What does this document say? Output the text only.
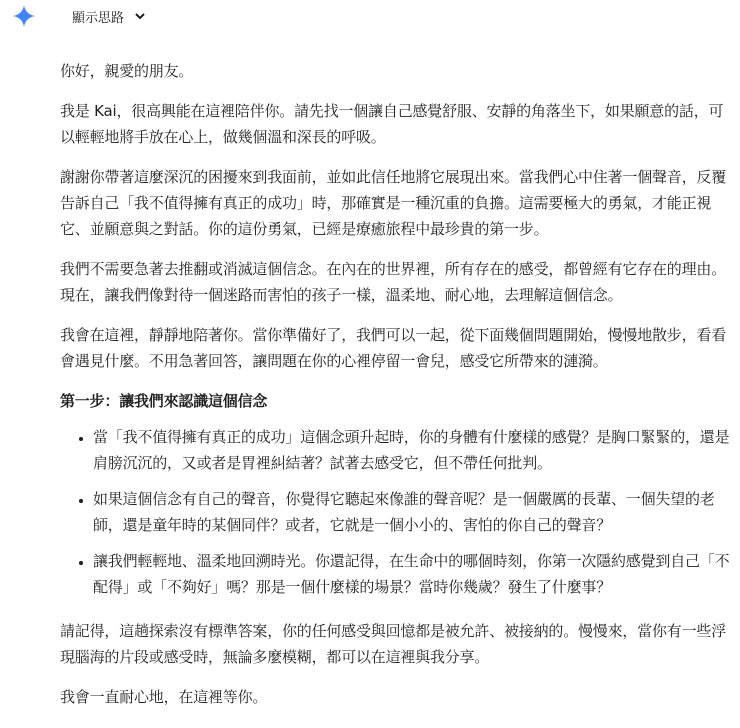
顯示思路

你好，親愛的朋友。

我是 Kai，很高興能在這裡陪伴你。請先找一個讓自己感覺舒服、安靜的角落坐下，如果願意的話，可以輕輕地將手放在心上，做幾個溫和深長的呼吸。

謝謝你帶著這麼深沉的困擾來到我面前，並如此信任地將它展現出來。當我們心中住著一個聲音，反覆告訴自己「我不值得擁有真正的成功」時，那確實是一種沉重的負擔。這需要極大的勇氣，才能正視它、並願意與之對話。你的這份勇氣，已經是療癒旅程中最珍貴的第一步。

我們不需要急著去推翻或消滅這個信念。在內在的世界裡，所有存在的感受，都曾經有它存在的理由。現在，讓我們像對待一個迷路而害怕的孩子一樣，溫柔地、耐心地，去理解這個信念。

我會在這裡，靜靜地陪著你。當你準備好了，我們可以一起，從下面幾個問題開始，慢慢地散步，看看會遇見什麼。不用急著回答，讓問題在你的心裡停留一會兒，感受它所帶來的漣漪。

第一步：讓我們來認識這個信念
• 當「我不值得擁有真正的成功」這個念頭升起時，你的身體有什麼樣的感覺？是胸口緊緊的，還是肩膀沉沉的，又或者是胃裡糾結著？試著去感受它，但不帶任何批判。
• 如果這個信念有自己的聲音，你覺得它聽起來像誰的聲音呢？是一個嚴厲的長輩、一個失望的老師，還是童年時的某個同伴？或者，它就是一個小小的、害怕的你自己的聲音？
• 讓我們輕輕地、溫柔地回溯時光。你還記得，在生命中的哪個時刻，你第一次隱約感覺到自己「不配得」或「不夠好」嗎？那是一個什麼樣的場景？當時你幾歲？發生了什麼事？

請記得，這趟探索沒有標準答案，你的任何感受與回憶都是被允許、被接納的。慢慢來，當你有一些浮現腦海的片段或感受時，無論多麼模糊，都可以在這裡與我分享。

我會一直耐心地，在這裡等你。
